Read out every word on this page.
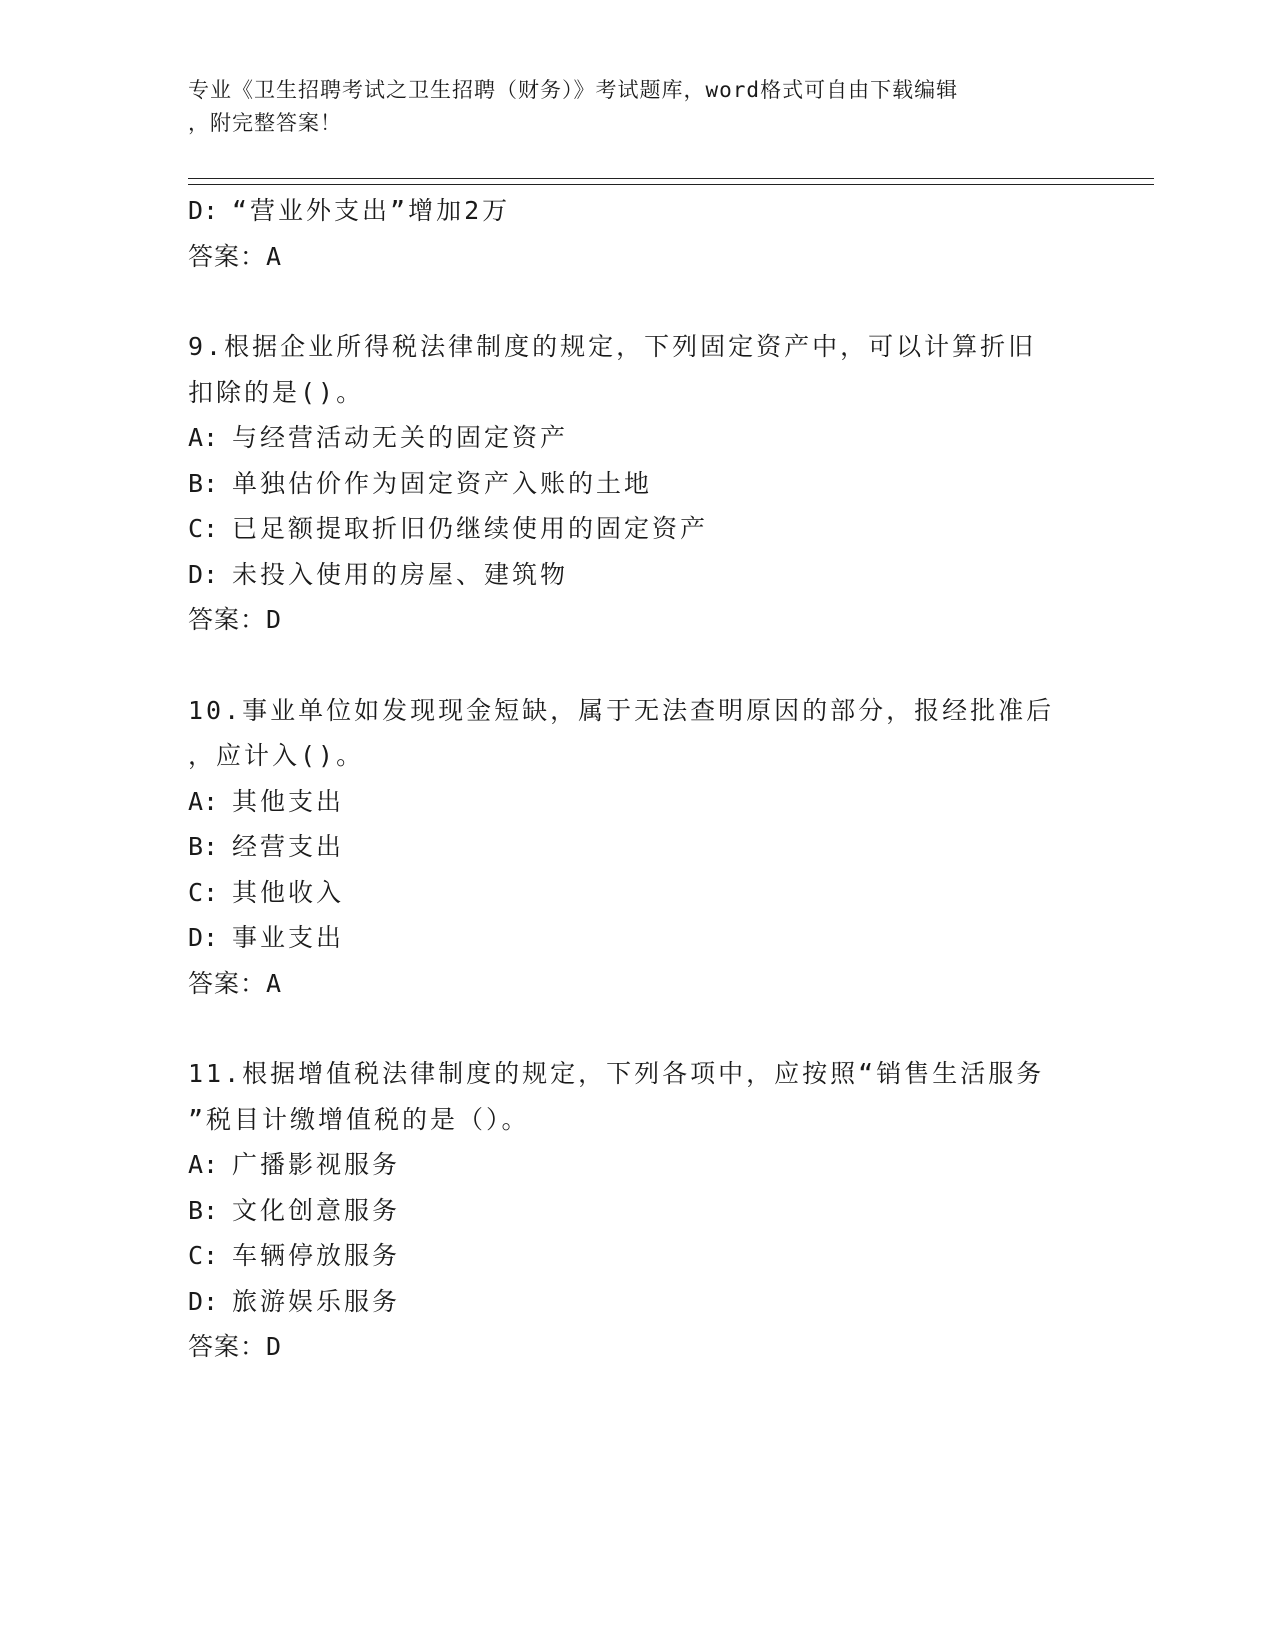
专业《卫生招聘考试之卫生招聘（财务）》考试题库，word格式可自由下载编辑
，附完整答案！
D: “营业外支出”增加2万
答案：A
9.根据企业所得税法律制度的规定，下列固定资产中，可以计算折旧
扣除的是()。
A: 与经营活动无关的固定资产
B: 单独估价作为固定资产入账的土地
C: 已足额提取折旧仍继续使用的固定资产
D: 未投入使用的房屋、建筑物
答案：D
10.事业单位如发现现金短缺，属于无法查明原因的部分，报经批准后
，应计入()。
A: 其他支出
B: 经营支出
C: 其他收入
D: 事业支出
答案：A
11.根据增值税法律制度的规定，下列各项中，应按照“销售生活服务
”税目计缴增值税的是（）。
A: 广播影视服务
B: 文化创意服务
C: 车辆停放服务
D: 旅游娱乐服务
答案：D
